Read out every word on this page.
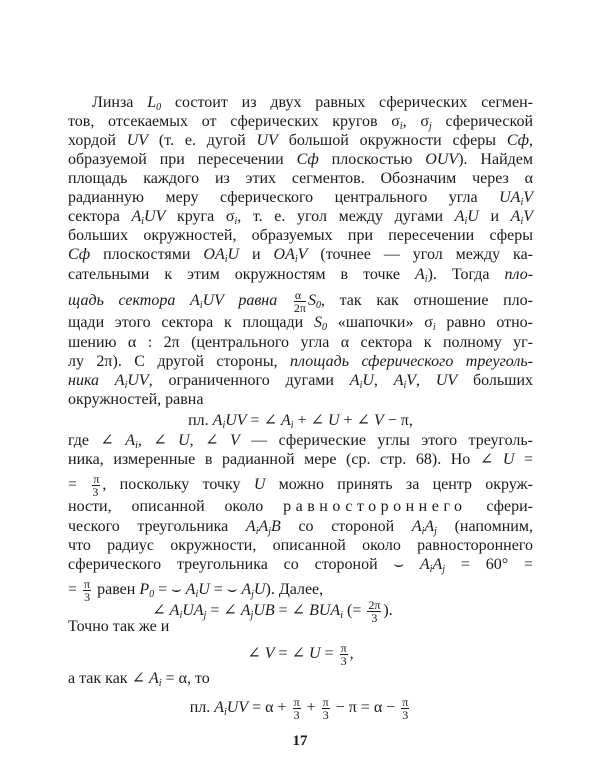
Линза $L_0$ состоит из двух равных сферических сегмен-
тов, отсекаемых от сферических кругов $\sigma_i$, $\sigma_j$ сферической
хордой UV (т. е. дугой UV большой окружности сферы Сф,
образуемой при пересечении Сф плоскостью OUV). Найдем
площадь каждого из этих сегментов. Обозначим через α
радианную меру сферического центрального угла $UA_iV$
сектора $A_iUV$ круга $\sigma_i$, т. е. угол между дугами $A_iU$ и $A_iV$
больших окружностей, образуемых при пересечении сферы
Сф плоскостями $OA_iU$ и $OA_iV$ (точнее — угол между ка-
сательными к этим окружностям в точке $A_i$). Тогда пло-
щадь сектора $A_iUV$ равна $\frac{\alpha}{2\pi} S_0$, так как отношение пло-
щади этого сектора к площади $S_0$ «шапочки» $\sigma_i$ равно отно-
шению α : 2π (центрального угла α сектора к полному уг-
лу 2π). С другой стороны, площадь сферического треуголь-
ника $A_iUV$, ограниченного дугами $A_iU$, $A_iV$, UV больших
окружностей, равна
пл. $A_iUV$ = ∠ $A_i$ + ∠ U + ∠ V − π,
где ∠ $A_i$, ∠ U, ∠ V — сферические углы этого треуголь-
ника, измеренные в радианной мере (ср. стр. 68). Но ∠ U =
= $\frac{\pi}{3}$ , поскольку точку U можно принять за центр окруж-
ности, описанной около равностороннего сфери-
ческого треугольника $A_iA_jB$ со стороной $A_iA_j$ (напомним,
что радиус окружности, описанной около равностороннего
сферического треугольника со стороной ⌣ $A_iA_j = 60^\circ$ =
= $\frac{\pi}{3}$ равен $P_0$ = ⌣ $A_iU$ = ⌣ $A_jU$). Далее,
∠ $A_iUA_j$ = ∠ $A_jUB$ = ∠ $BUA_i$ (= $\frac{2\pi}{3}$ ).
Точно так же и
∠ V = ∠ $U = \frac{\pi}{3}$ ,
а так как ∠ $A_i = \alpha$, то
пл. $A_iUV = \alpha + \frac{\pi}{3} + \frac{\pi}{3} - \pi = \alpha - \frac{\pi}{3}$
17
